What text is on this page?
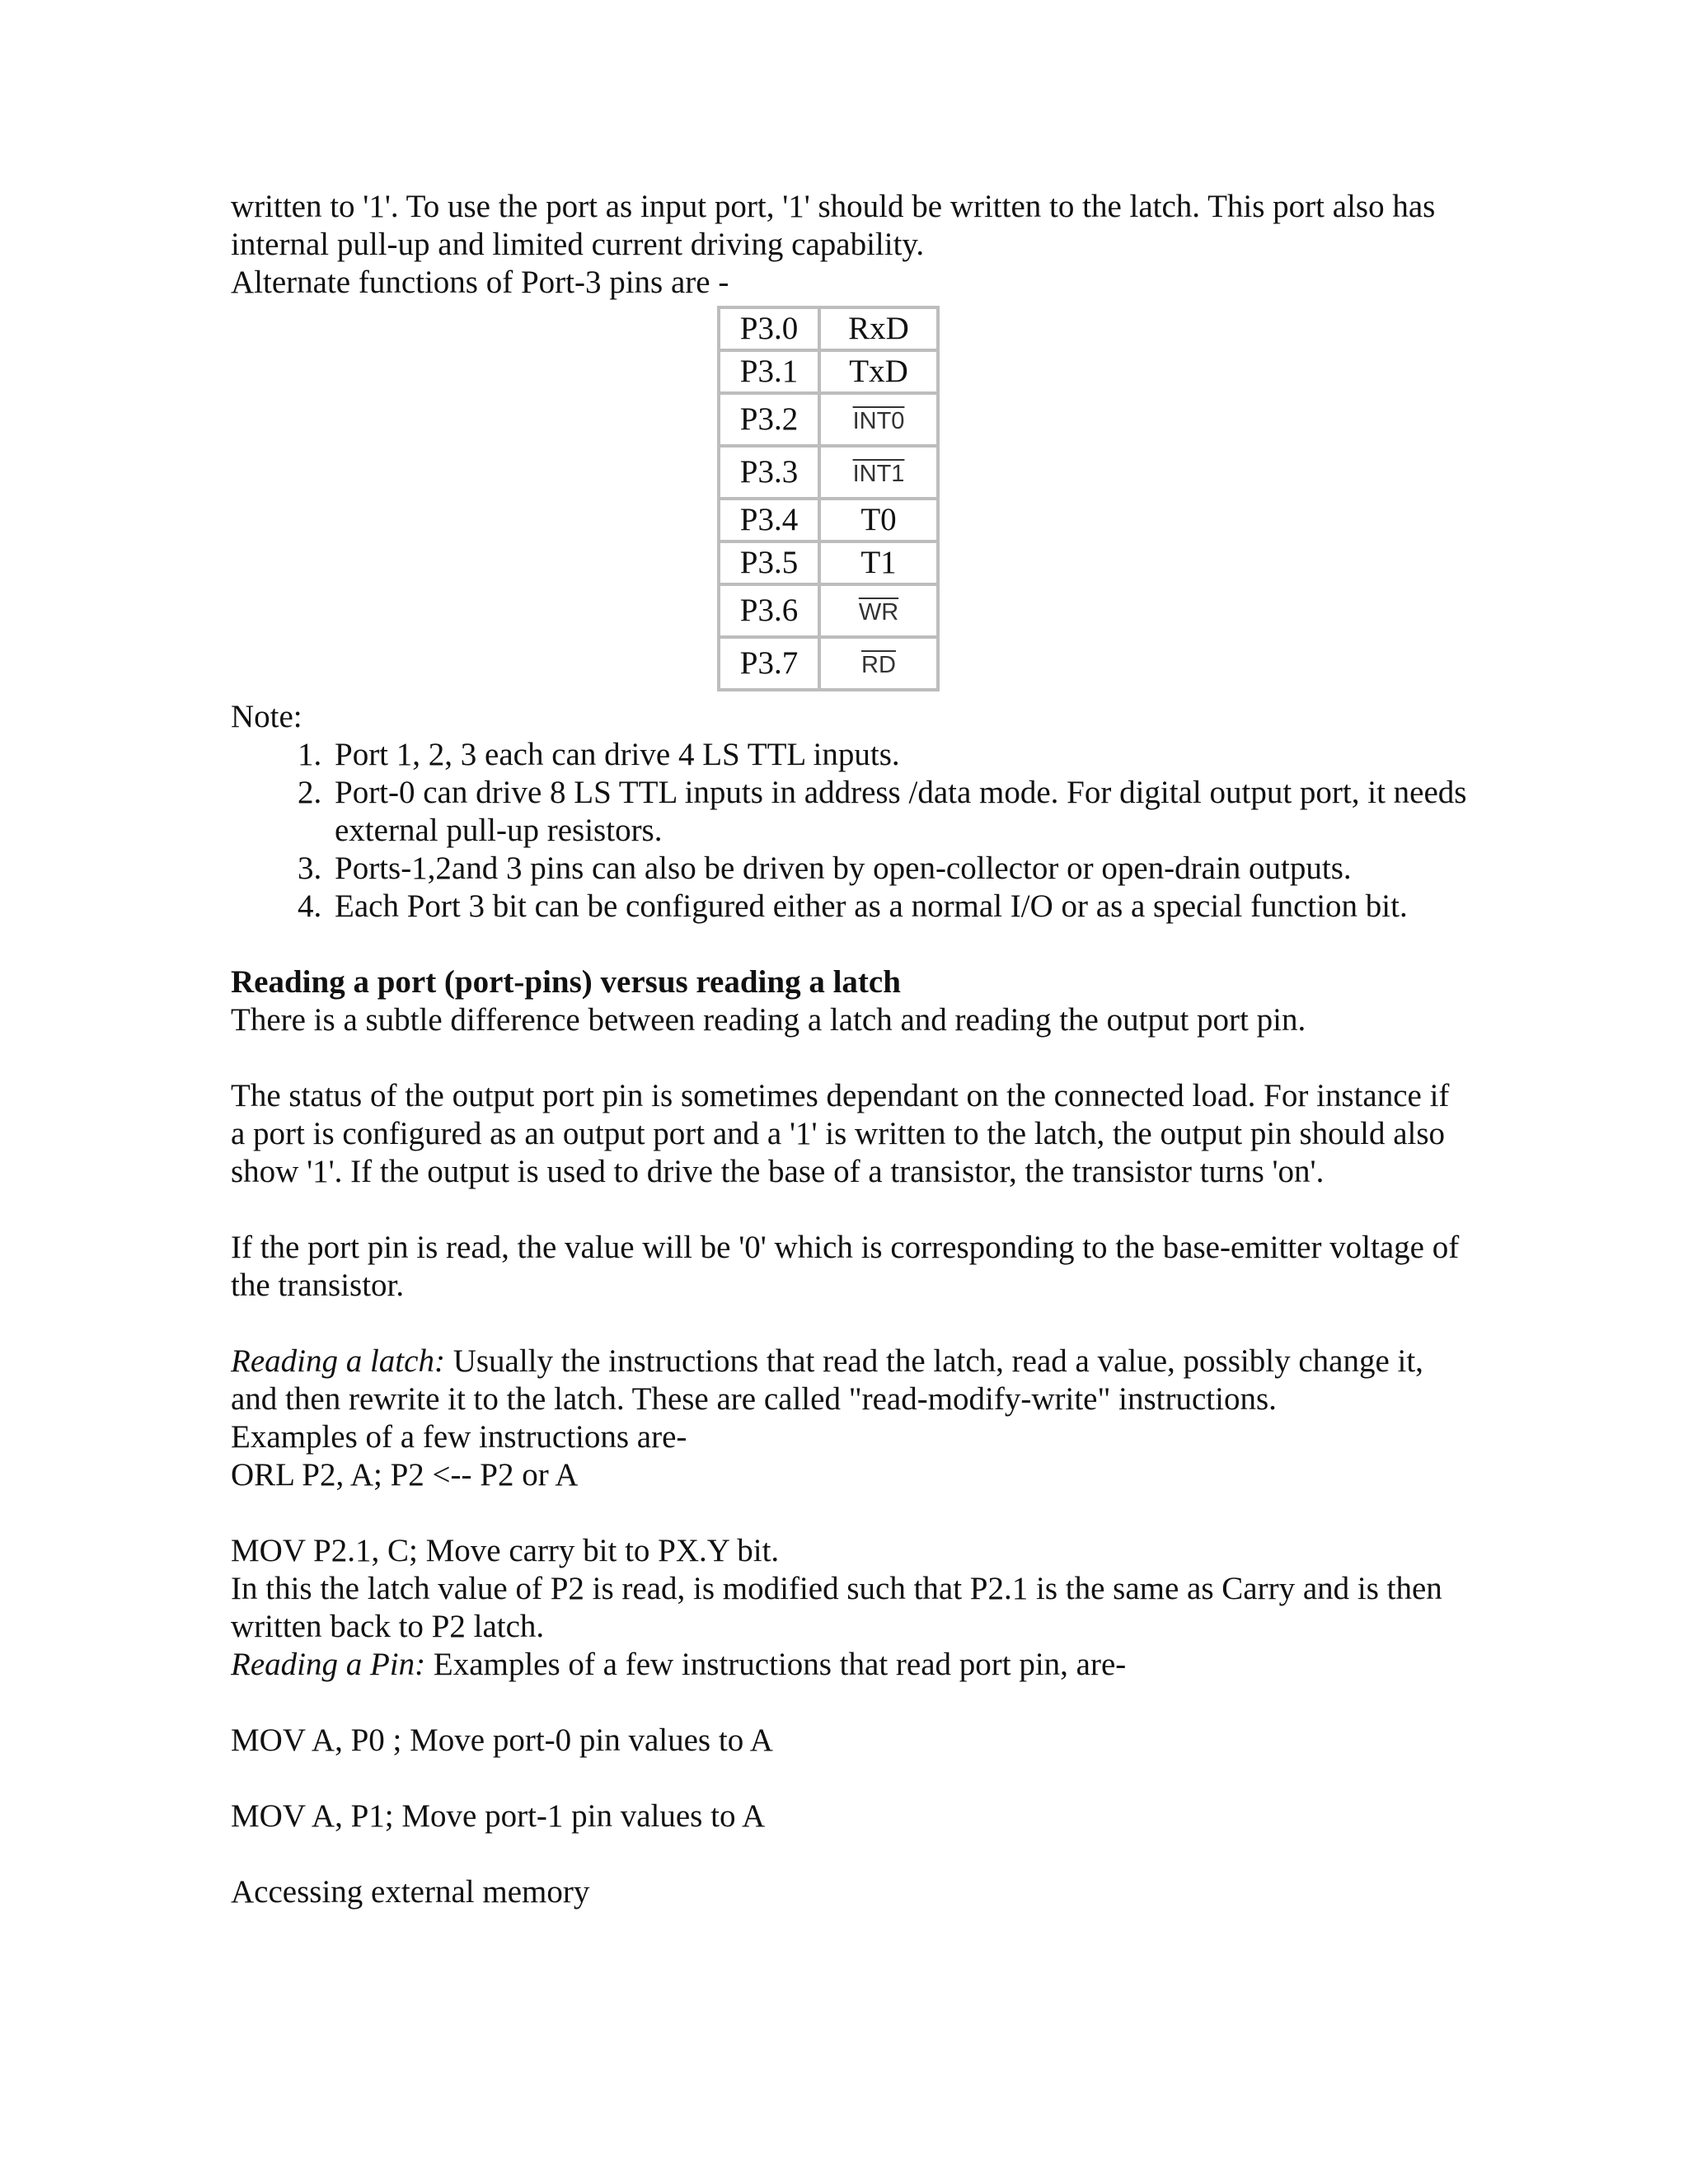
written to '1'. To use the port as input port, '1' should be written to the latch. This port also has internal pull-up and limited current driving capability.

Alternate functions of Port-3 pins are -

P3.0	RxD
P3.1	TxD
P3.2	INT0
P3.3	INT1
P3.4	T0
P3.5	T1
P3.6	$\overline{WR}$
P3.7	$\overline{RD}$

Note:

1. Port 1, 2, 3 each can drive 4 LS TTL inputs.
2. Port-0 can drive 8 LS TTL inputs in address /data mode. For digital output port, it needs external pull-up resistors.
3. Ports-1,2and 3 pins can also be driven by open-collector or open-drain outputs.
4. Each Port 3 bit can be configured either as a normal I/O or as a special function bit.
Reading a port (port-pins) versus reading a latch

There is a subtle difference between reading a latch and reading the output port pin.

The status of the output port pin is sometimes dependant on the connected load. For instance if a port is configured as an output port and a '1' is written to the latch, the output pin should also show '1'. If the output is used to drive the base of a transistor, the transistor turns 'on'.

If the port pin is read, the value will be '0' which is corresponding to the base-emitter voltage of the transistor.

Reading a latch: Usually the instructions that read the latch, read a value, possibly change it, and then rewrite it to the latch. These are called "read-modify-write" instructions.

Examples of a few instructions are-

ORL P2, A; P2 <-- P2 or A

MOV P2.1, C; Move carry bit to PX.Y bit.

In this the latch value of P2 is read, is modified such that P2.1 is the same as Carry and is then written back to P2 latch.

Reading a Pin: Examples of a few instructions that read port pin, are-

MOV A, P0 ; Move port-0 pin values to A

MOV A, P1; Move port-1 pin values to A

Accessing external memory
